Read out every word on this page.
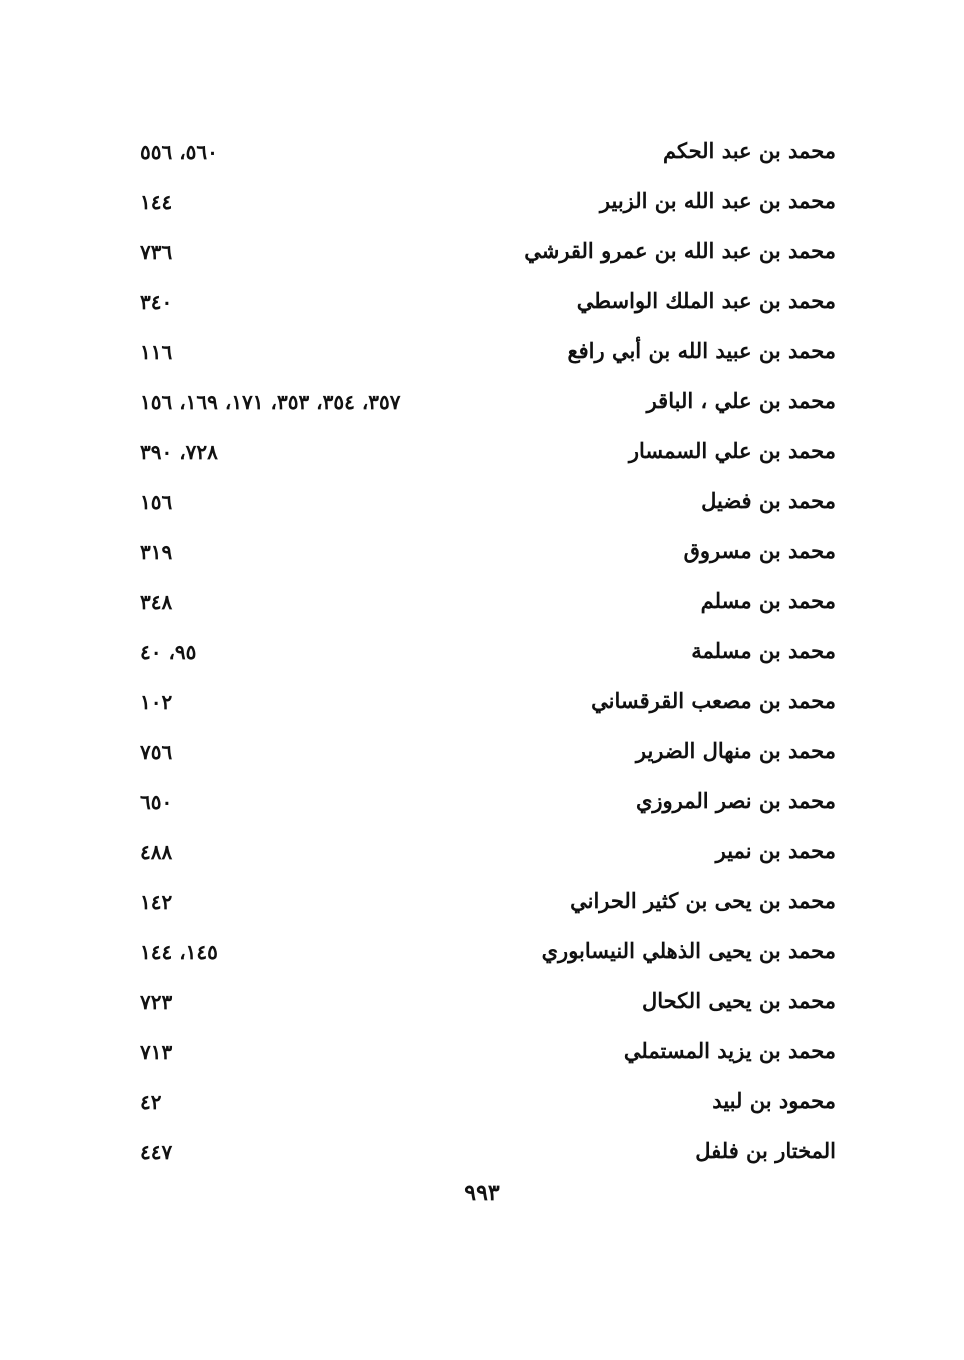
محمد بن عبد الحكم
٥٦٠، ٥٥٦
محمد بن عبد الله بن الزبير
١٤٤
محمد بن عبد الله بن عمرو القرشي
٧٣٦
محمد بن عبد الملك الواسطي
٣٤٠
محمد بن عبيد الله بن أبي رافع
١١٦
محمد بن علي ، الباقر
٣٥٧، ٣٥٤، ٣٥٣، ١٧١، ١٦٩، ١٥٦
محمد بن علي السمسار
٧٢٨، ٣٩٠
محمد بن فضيل
١٥٦
محمد بن مسروق
٣١٩
محمد بن مسلم
٣٤٨
محمد بن مسلمة
٩٥، ٤٠
محمد بن مصعب القرقساني
١٠٢
محمد بن منهال الضرير
٧٥٦
محمد بن نصر المروزي
٦٥٠
محمد بن نمير
٤٨٨
محمد بن يحى بن كثير الحراني
١٤٢
محمد بن يحيى الذهلي النيسابوري
١٤٥، ١٤٤
محمد بن يحيى الكحال
٧٢٣
محمد بن يزيد المستملي
٧١٣
محمود بن لبيد
٤٢
المختار بن فلفل
٤٤٧
٩٩٣
